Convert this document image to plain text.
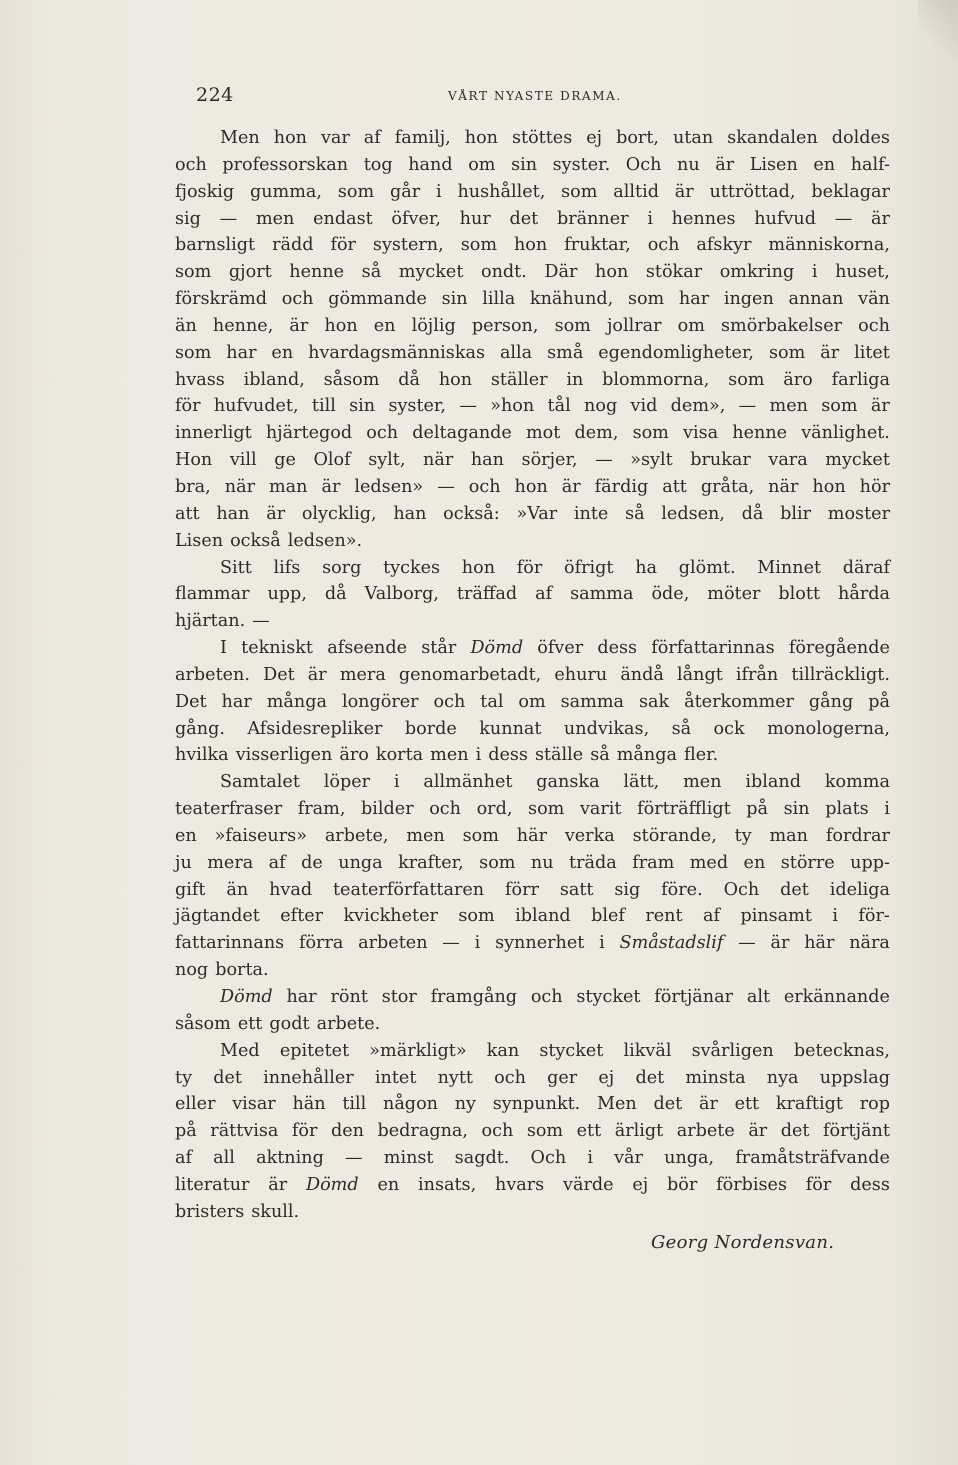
224	VÅRT NYASTE DRAMA.
Men hon var af familj, hon stöttes ej bort, utan skandalen doldes
och professorskan tog hand om sin syster. Och nu är Lisen en half-
fjoskig gumma, som går i hushållet, som alltid är uttröttad, beklagar
sig — men endast öfver, hur det bränner i hennes hufvud — är
barnsligt rädd för systern, som hon fruktar, och afskyr människorna,
som gjort henne så mycket ondt. Där hon stökar omkring i huset,
förskrämd och gömmande sin lilla knähund, som har ingen annan vän
än henne, är hon en löjlig person, som jollrar om smörbakelser och
som har en hvardagsmänniskas alla små egendomligheter, som är litet
hvass ibland, såsom då hon ställer in blommorna, som äro farliga
för hufvudet, till sin syster, — »hon tål nog vid dem», — men som är
innerligt hjärtegod och deltagande mot dem, som visa henne vänlighet.
Hon vill ge Olof sylt, när han sörjer, — »sylt brukar vara mycket
bra, när man är ledsen» — och hon är färdig att gråta, när hon hör
att han är olycklig, han också: »Var inte så ledsen, då blir moster
Lisen också ledsen».
Sitt lifs sorg tyckes hon för öfrigt ha glömt. Minnet däraf
flammar upp, då Valborg, träffad af samma öde, möter blott hårda
hjärtan. —
I tekniskt afseende står Dömd öfver dess författarinnas föregående
arbeten. Det är mera genomarbetadt, ehuru ändå långt ifrån tillräckligt.
Det har många longörer och tal om samma sak återkommer gång på
gång. Afsidesrepliker borde kunnat undvikas, så ock monologerna,
hvilka visserligen äro korta men i dess ställe så många fler.
Samtalet löper i allmänhet ganska lätt, men ibland komma
teaterfraser fram, bilder och ord, som varit förträffligt på sin plats i
en »faiseurs» arbete, men som här verka störande, ty man fordrar
ju mera af de unga krafter, som nu träda fram med en större upp-
gift än hvad teaterförfattaren förr satt sig före. Och det ideliga
jägtandet efter kvickheter som ibland blef rent af pinsamt i för-
fattarinnans förra arbeten — i synnerhet i Småstadslif — är här nära
nog borta.
Dömd har rönt stor framgång och stycket förtjänar alt erkännande
såsom ett godt arbete.
Med epitetet »märkligt» kan stycket likväl svårligen betecknas,
ty det innehåller intet nytt och ger ej det minsta nya uppslag
eller visar hän till någon ny synpunkt. Men det är ett kraftigt rop
på rättvisa för den bedragna, och som ett ärligt arbete är det förtjänt
af all aktning — minst sagdt. Och i vår unga, framåtsträfvande
literatur är Dömd en insats, hvars värde ej bör förbises för dess
bristers skull.
Georg Nordensvan.
